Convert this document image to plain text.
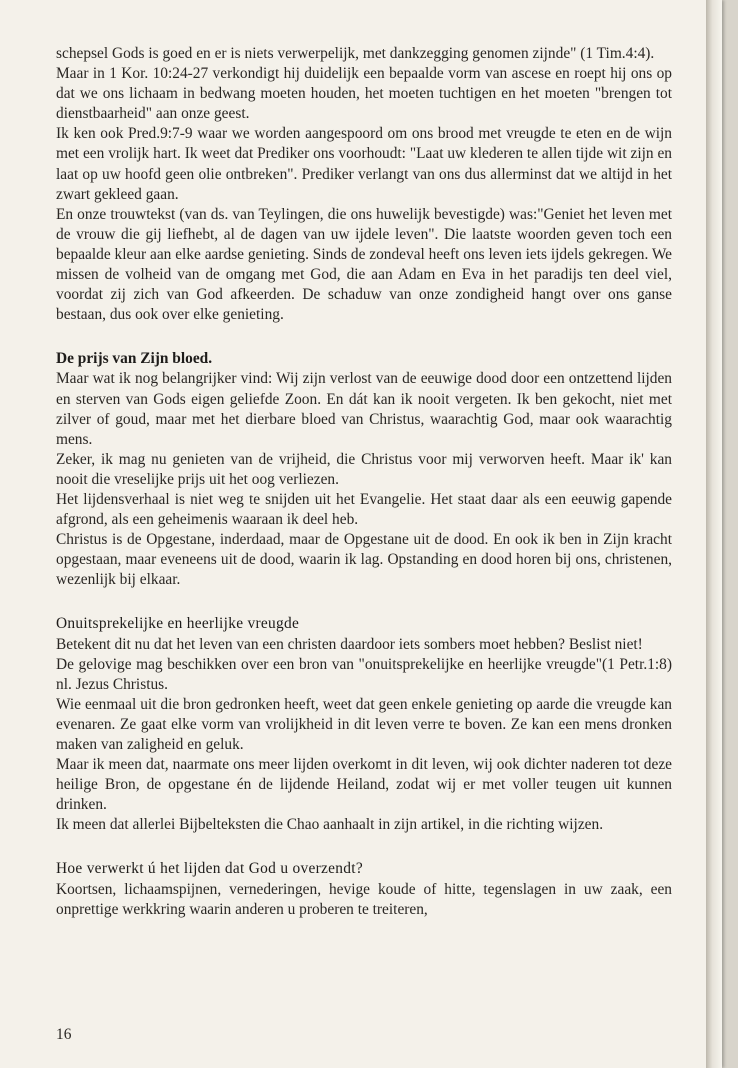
schepsel Gods is goed en er is niets verwerpelijk, met dankzegging genomen zijnde" (1 Tim.4:4).

Maar in 1 Kor. 10:24-27 verkondigt hij duidelijk een bepaalde vorm van ascese en roept hij ons op dat we ons lichaam in bedwang moeten houden, het moeten tuchtigen en het moeten "brengen tot dienstbaarheid" aan onze geest.

Ik ken ook Pred.9:7-9 waar we worden aangespoord om ons brood met vreugde te eten en de wijn met een vrolijk hart. Ik weet dat Prediker ons voorhoudt: "Laat uw klederen te allen tijde wit zijn en laat op uw hoofd geen olie ontbreken". Prediker verlangt van ons dus allerminst dat we altijd in het zwart gekleed gaan.

En onze trouwtekst (van ds. van Teylingen, die ons huwelijk bevestigde) was:"Geniet het leven met de vrouw die gij liefhebt, al de dagen van uw ijdele leven". Die laatste woorden geven toch een bepaalde kleur aan elke aardse genieting. Sinds de zondeval heeft ons leven iets ijdels gekregen. We missen de volheid van de omgang met God, die aan Adam en Eva in het paradijs ten deel viel, voordat zij zich van God afkeerden. De schaduw van onze zondigheid hangt over ons ganse bestaan, dus ook over elke genieting.

De prijs van Zijn bloed.

Maar wat ik nog belangrijker vind: Wij zijn verlost van de eeuwige dood door een ontzettend lijden en sterven van Gods eigen geliefde Zoon. En dát kan ik nooit vergeten. Ik ben gekocht, niet met zilver of goud, maar met het dierbare bloed van Christus, waarachtig God, maar ook waarachtig mens.

Zeker, ik mag nu genieten van de vrijheid, die Christus voor mij verworven heeft. Maar ik' kan nooit die vreselijke prijs uit het oog verliezen.

Het lijdensverhaal is niet weg te snijden uit het Evangelie. Het staat daar als een eeuwig gapende afgrond, als een geheimenis waaraan ik deel heb.

Christus is de Opgestane, inderdaad, maar de Opgestane uit de dood. En ook ik ben in Zijn kracht opgestaan, maar eveneens uit de dood, waarin ik lag. Opstanding en dood horen bij ons, christenen, wezenlijk bij elkaar.

Onuitsprekelijke en heerlijke vreugde

Betekent dit nu dat het leven van een christen daardoor iets sombers moet hebben? Beslist niet!

De gelovige mag beschikken over een bron van "onuitsprekelijke en heerlijke vreugde"(1 Petr.1:8) nl. Jezus Christus.

Wie eenmaal uit die bron gedronken heeft, weet dat geen enkele genieting op aarde die vreugde kan evenaren. Ze gaat elke vorm van vrolijkheid in dit leven verre te boven. Ze kan een mens dronken maken van zaligheid en geluk.

Maar ik meen dat, naarmate ons meer lijden overkomt in dit leven, wij ook dichter naderen tot deze heilige Bron, de opgestane én de lijdende Heiland, zodat wij er met voller teugen uit kunnen drinken.

Ik meen dat allerlei Bijbelteksten die Chao aanhaalt in zijn artikel, in die richting wijzen.

Hoe verwerkt ú het lijden dat God u overzendt?

Koortsen, lichaamspijnen, vernederingen, hevige koude of hitte, tegenslagen in uw zaak, een onprettige werkkring waarin anderen u proberen te treiteren,

16
